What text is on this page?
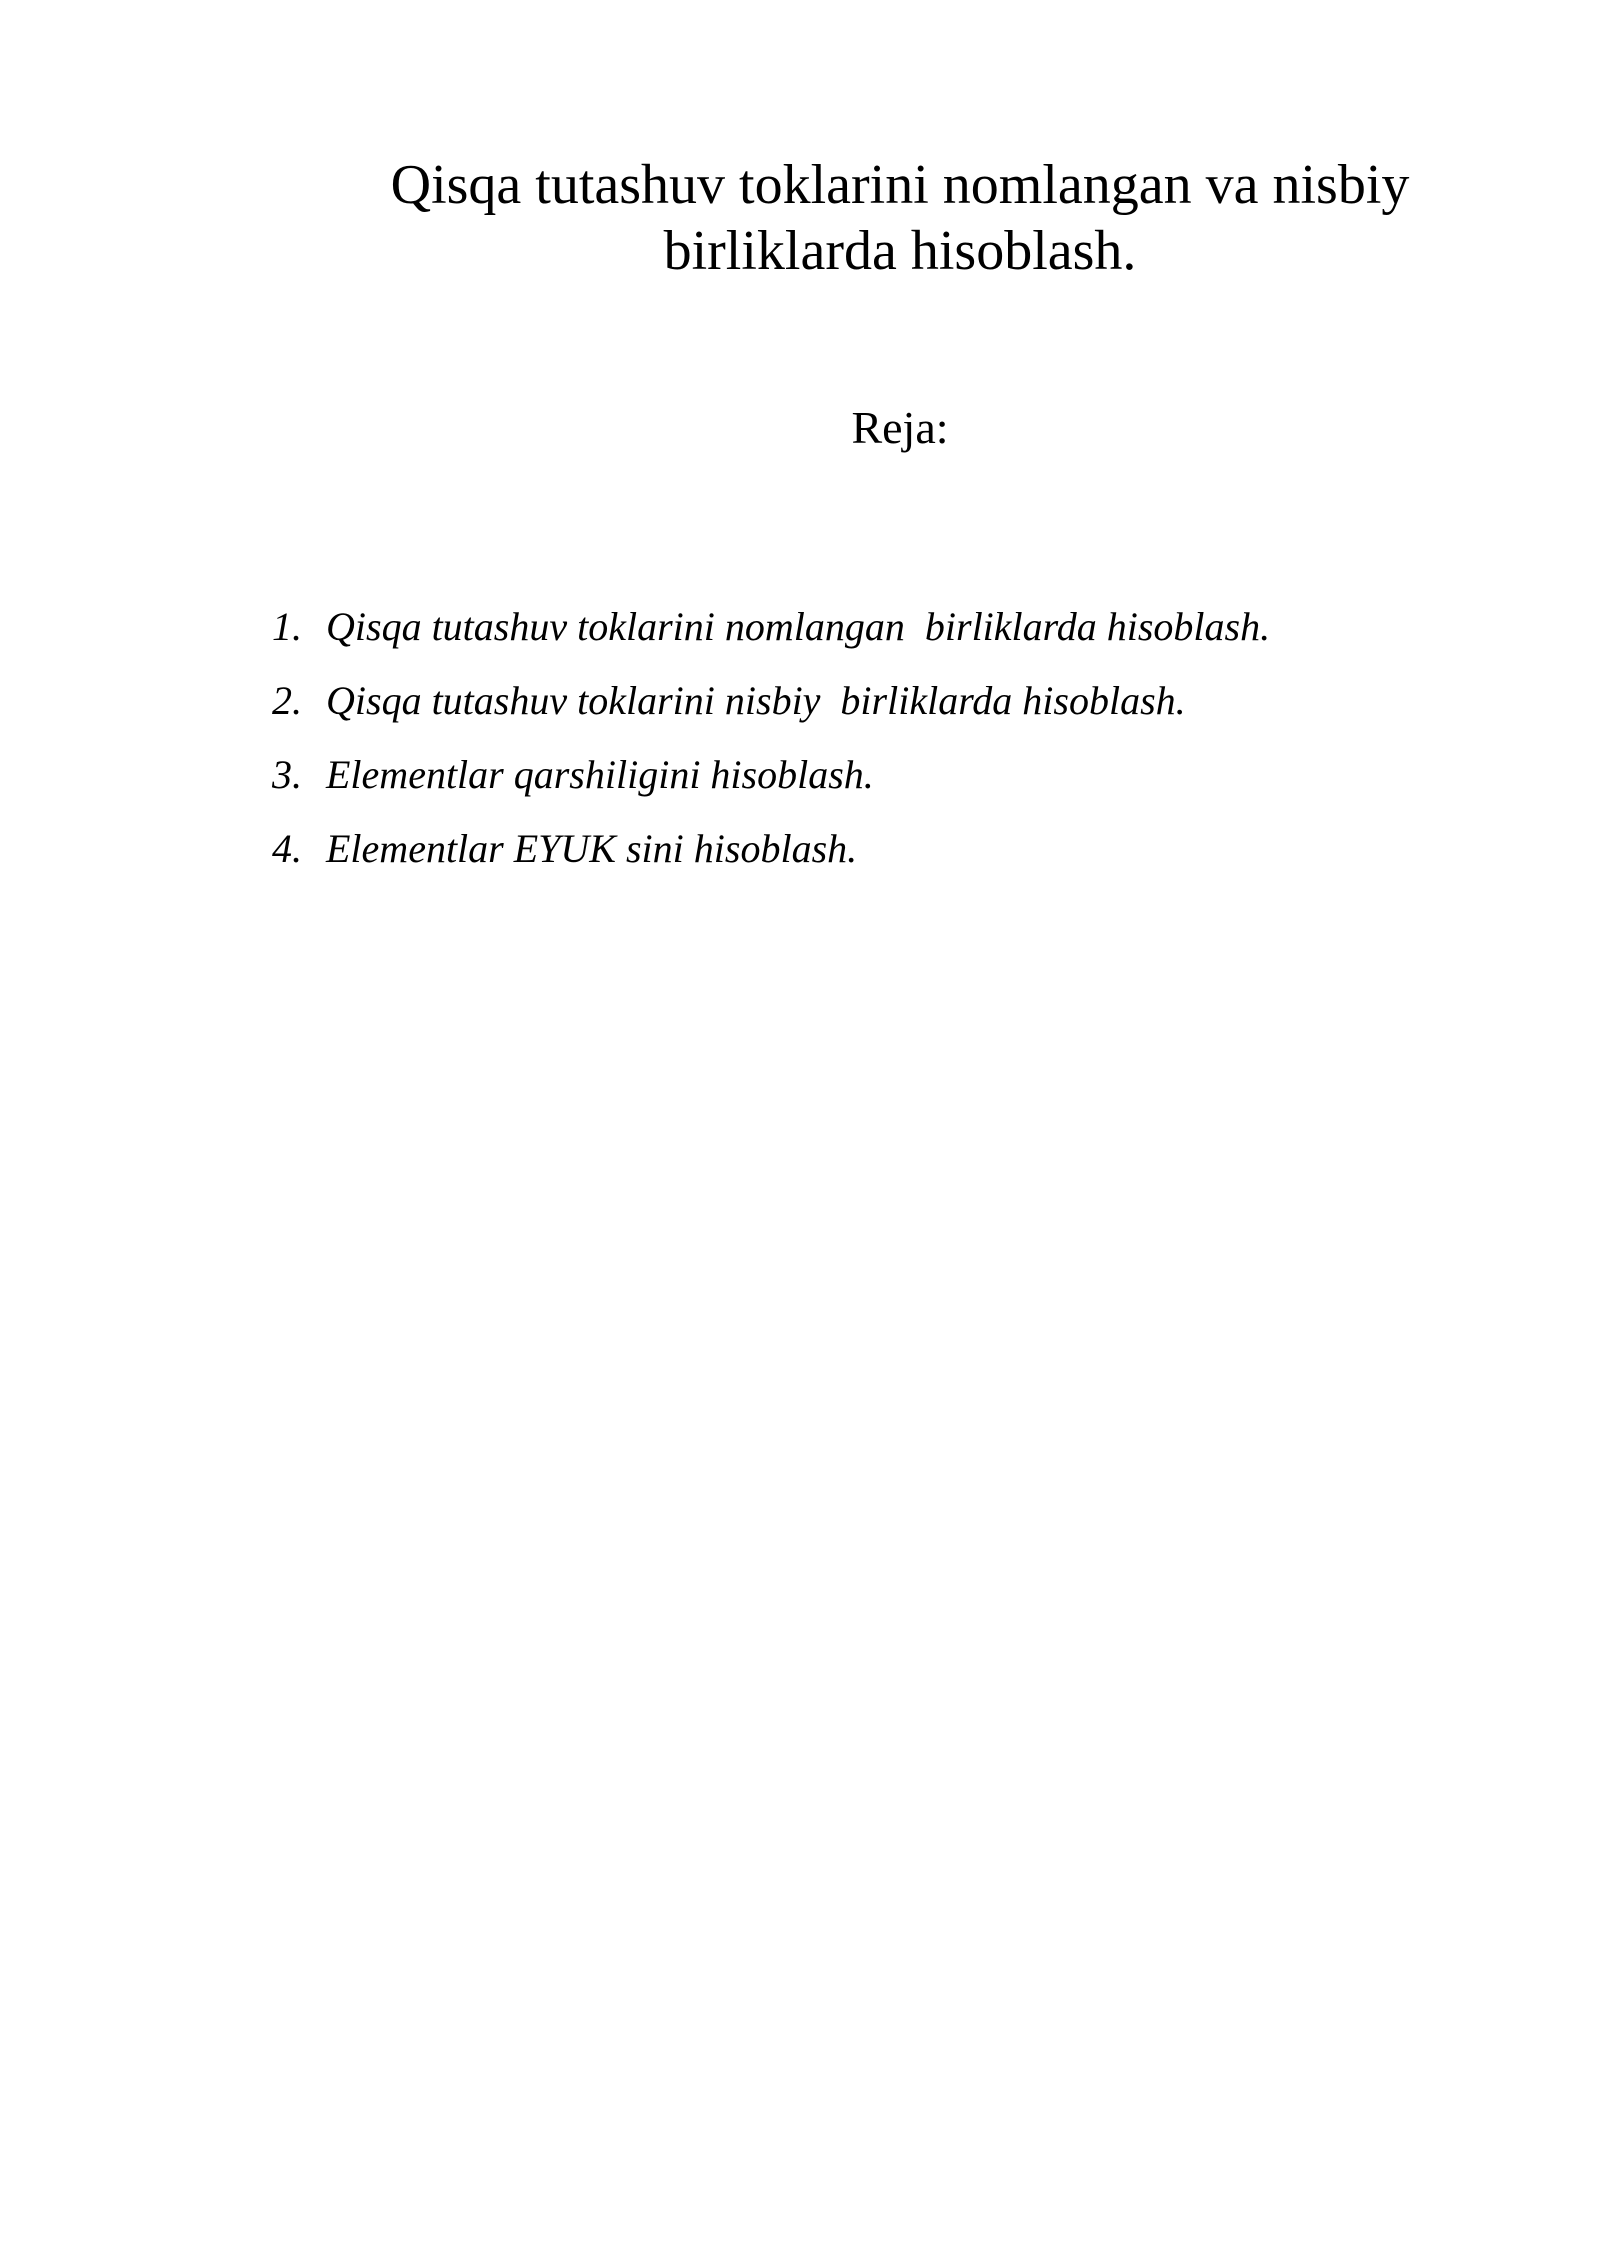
Qisqa tutashuv toklarini nomlangan va nisbiy birliklarda hisoblash.
Reja:
1. Qisqa tutashuv toklarini nomlangan  birliklarda hisoblash.
2. Qisqa tutashuv toklarini nisbiy  birliklarda hisoblash.
3. Elementlar qarshiligini hisoblash.
4. Elementlar EYUK sini hisoblash.
